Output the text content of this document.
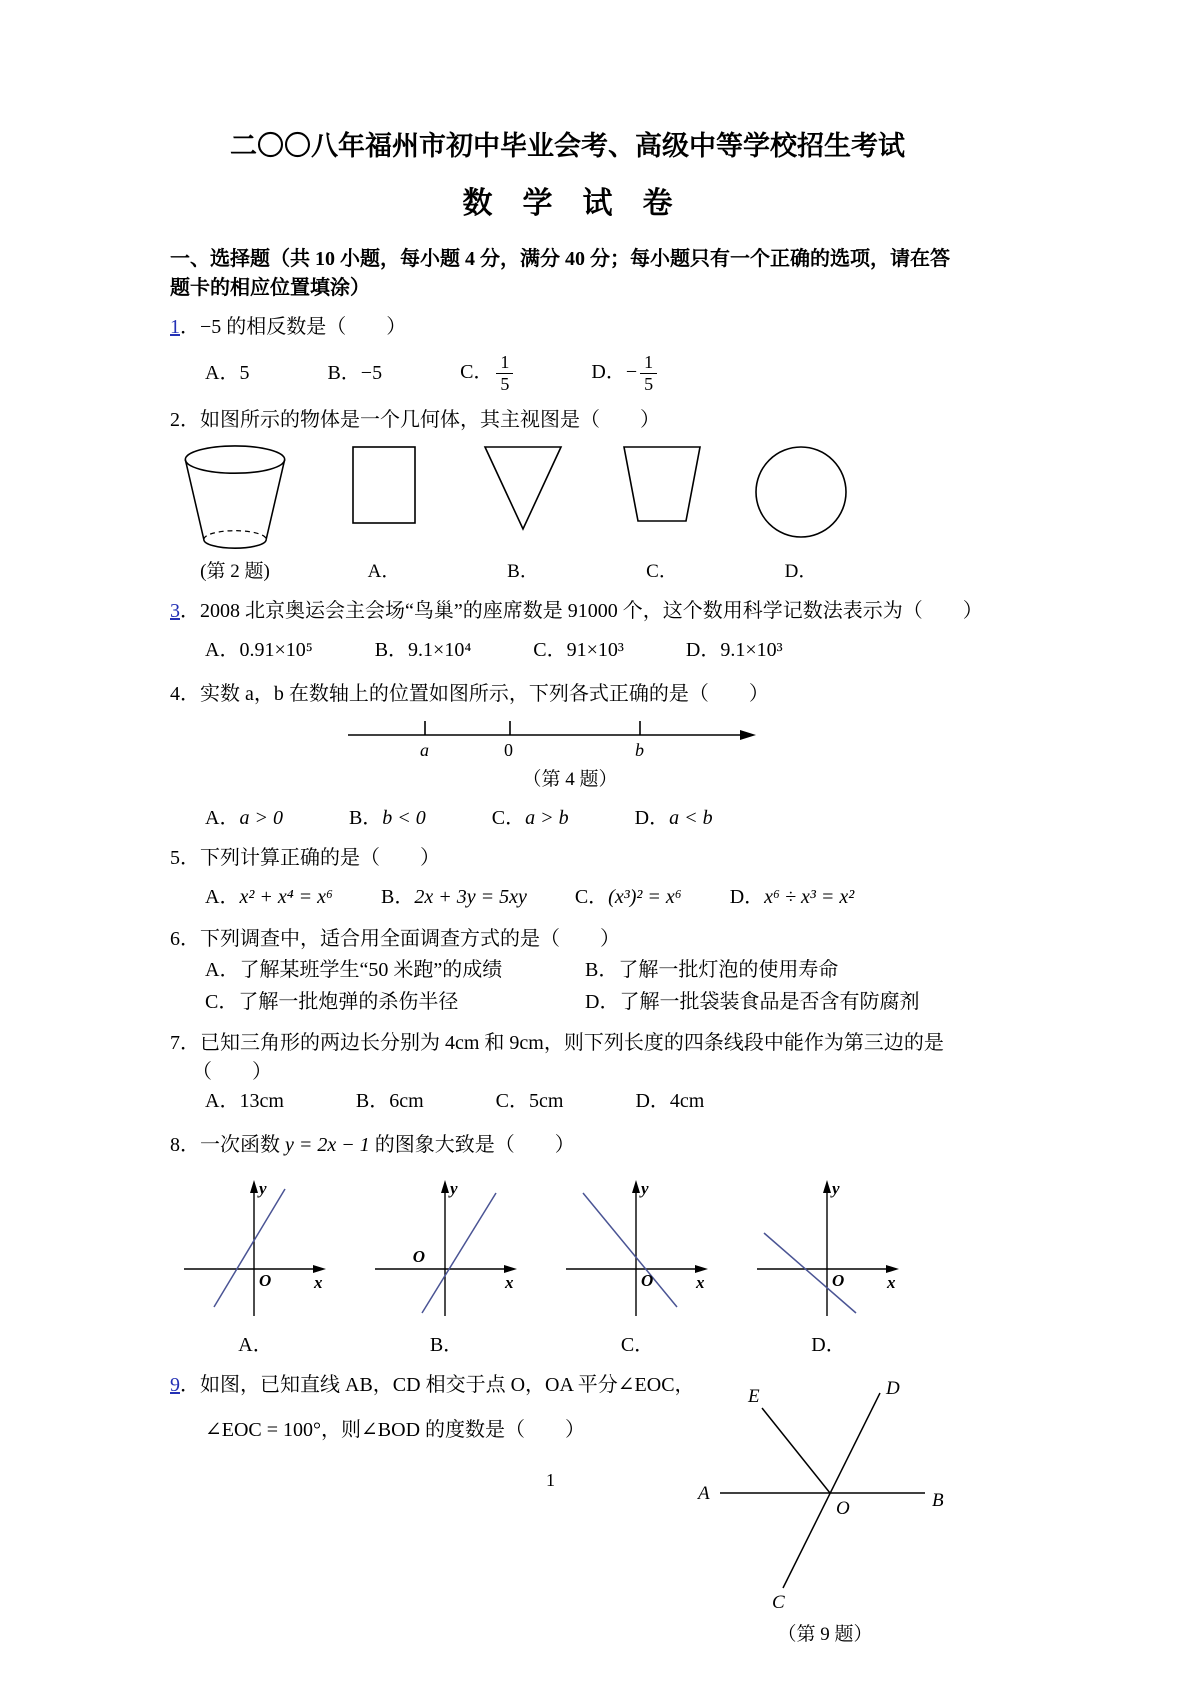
二〇〇八年福州市初中毕业会考、高级中等学校招生考试
数　学　试　卷

一、选择题（共 10 小题，每小题 4 分，满分 40 分；每小题只有一个正确的选项，请在答题卡的相应位置填涂）

1．−5 的相反数是（　　）

A．5	B．−5	C． $\frac{1}{5}$	D．− $\frac{1}{5}$

2．如图所示的物体是一个几何体，其主视图是（　　）

(第 2 题)	A．	B．	C．	D．

3．2008 北京奥运会主会场“鸟巢”的座席数是 91000 个，这个数用科学记数法表示为（　　）

A．0.91×10⁵	B．9.1×10⁴	C．91×10³	D．9.1×10³

4．实数 a，b 在数轴上的位置如图所示，下列各式正确的是（　　）

a	0	b

（第 4 题）

A．a > 0	B．b < 0	C．a > b	D．a < b

5．下列计算正确的是（　　）

A．x² + x⁴ = x⁶ B．2x + 3y = 5xy C．(x³)² = x⁶ D．x⁶ ÷ x³ = x²

6．下列调查中，适合用全面调查方式的是（　　）

A．了解某班学生“50 米跑”的成绩	B．了解一批灯泡的使用寿命
C．了解一批炮弹的杀伤半径	D．了解一批袋装食品是否含有防腐剂

7．已知三角形的两边长分别为 4cm 和 9cm，则下列长度的四条线段中能作为第三边的是

（　　）

A．13cm	B．6cm	C．5cm	D．4cm

8．一次函数 y = 2x − 1 的图象大致是（　　）

y
x
O
A．
y
x
O
B．
y
x
O
C．
y
x
O
D．

9．如图，已知直线 AB，CD 相交于点 O，OA 平分∠EOC，

∠EOC = 100°，则∠BOD 的度数是（　　）

A	B
E	D
C
O
（第 9 题）
1
